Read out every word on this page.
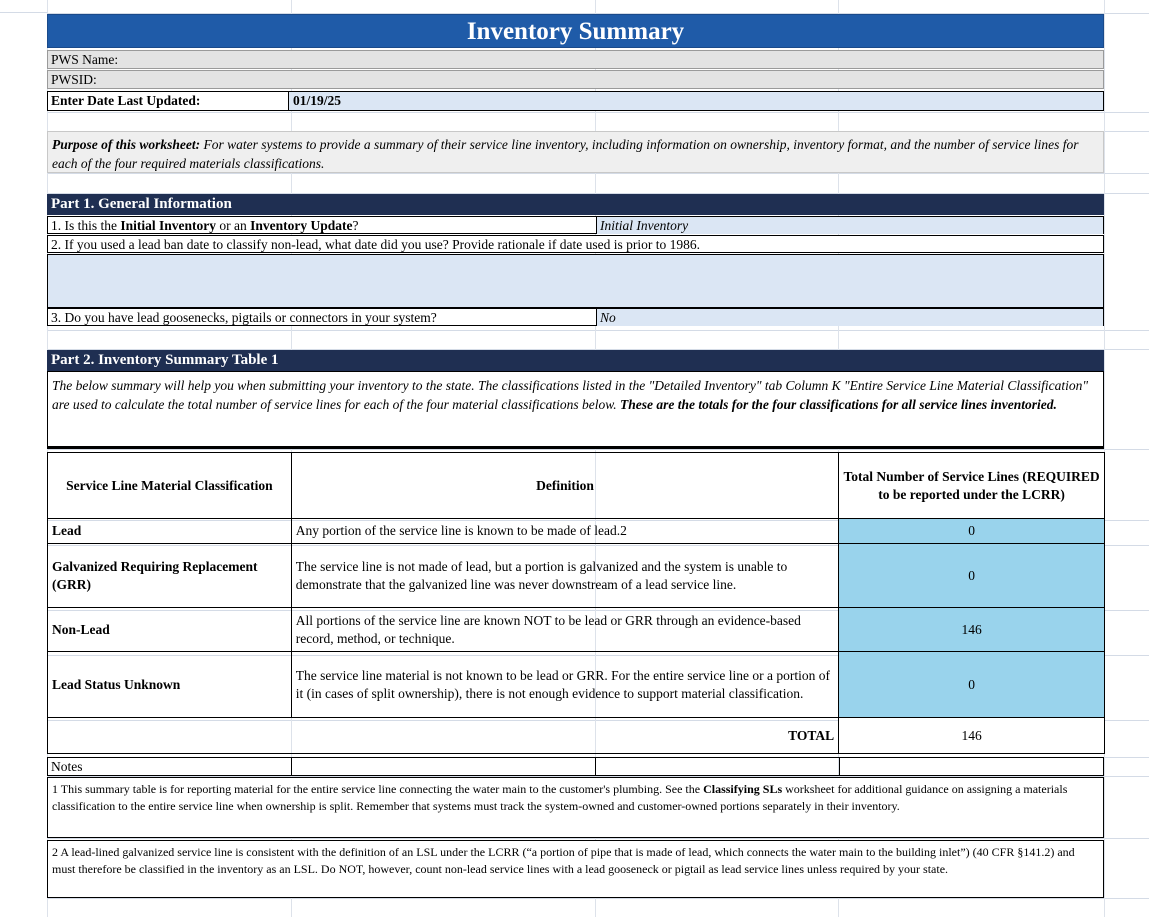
Inventory Summary
PWS Name:
PWSID:
Enter Date Last Updated:	01/19/25
Purpose of this worksheet: For water systems to provide a summary of their service line inventory, including information on ownership, inventory format, and the number of service lines for each of the four required materials classifications.
Part 1. General Information
1. Is this the Initial Inventory or an Inventory Update?	Initial Inventory
2. If you used a lead ban date to classify non-lead, what date did you use? Provide rationale if date used is prior to 1986.
3. Do you have lead goosenecks, pigtails or connectors in your system?	No
Part 2. Inventory Summary Table 1
The below summary will help you when submitting your inventory to the state. The classifications listed in the "Detailed Inventory" tab Column K "Entire Service Line Material Classification" are used to calculate the total number of service lines for each of the four material classifications below. These are the totals for the four classifications for all service lines inventoried.
Service Line Material Classification	Definition	Total Number of Service Lines (REQUIRED to be reported under the LCRR)
Lead	Any portion of the service line is known to be made of lead.2	0
Galvanized Requiring Replacement (GRR)	The service line is not made of lead, but a portion is galvanized and the system is unable to demonstrate that the galvanized line was never downstream of a lead service line.	0
Non-Lead	All portions of the service line are known NOT to be lead or GRR through an evidence-based record, method, or technique.	146
Lead Status Unknown	The service line material is not known to be lead or GRR. For the entire service line or a portion of it (in cases of split ownership), there is not enough evidence to support material classification.	0
TOTAL		146
Notes
1 This summary table is for reporting material for the entire service line connecting the water main to the customer's plumbing. See the Classifying SLs worksheet for additional guidance on assigning a materials classification to the entire service line when ownership is split. Remember that systems must track the system-owned and customer-owned portions separately in their inventory.
2 A lead-lined galvanized service line is consistent with the definition of an LSL under the LCRR (“a portion of pipe that is made of lead, which connects the water main to the building inlet”) (40 CFR §141.2) and must therefore be classified in the inventory as an LSL. Do NOT, however, count non-lead service lines with a lead gooseneck or pigtail as lead service lines unless required by your state.
